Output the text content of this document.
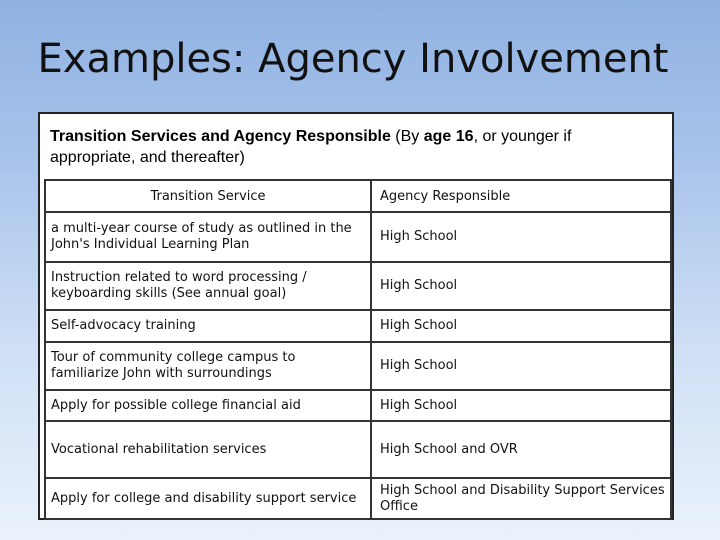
Examples: Agency Involvement
Transition Services and Agency Responsible (By age 16, or younger if appropriate, and thereafter)
Transition Service	Agency Responsible
a multi-year course of study as outlined in the John's Individual Learning Plan	High School
Instruction related to word processing / keyboarding skills (See annual goal)	High School
Self-advocacy training	High School
Tour of community college campus to familiarize John with surroundings	High School
Apply for possible college financial aid	High School
Vocational rehabilitation services	High School and OVR
Apply for college and disability support service	High School and Disability Support Services Office
